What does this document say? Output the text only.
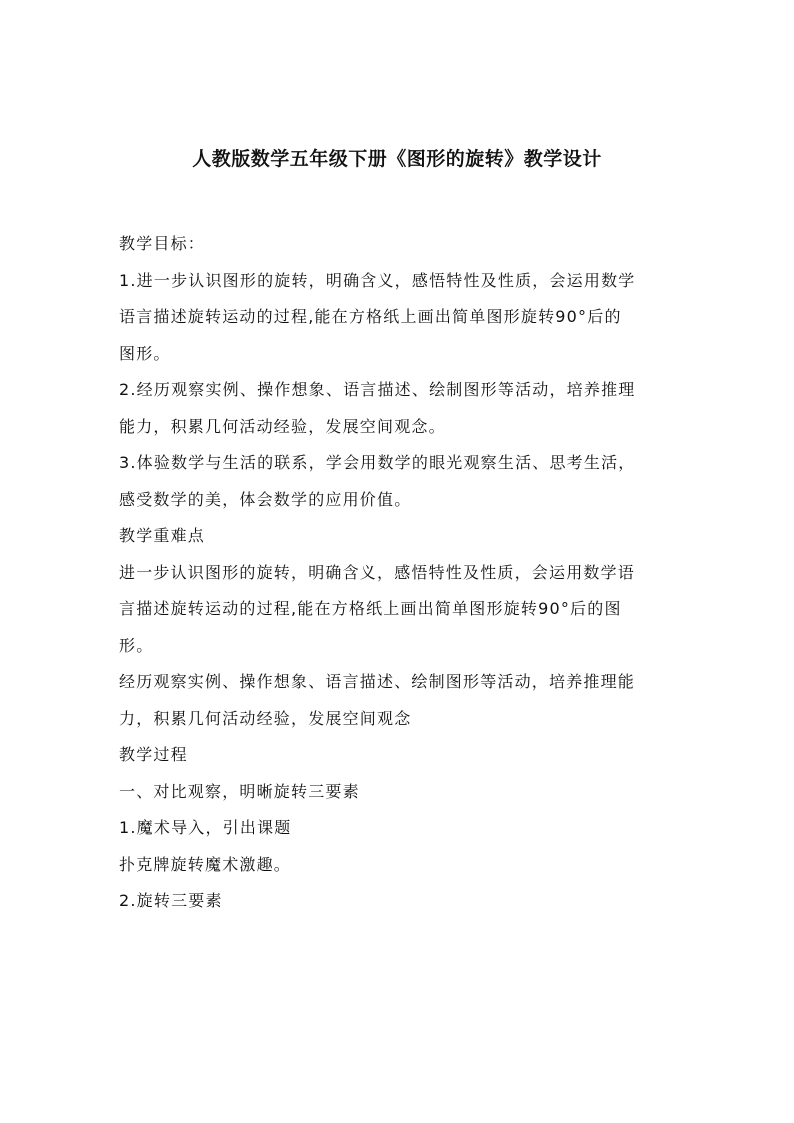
人教版数学五年级下册《图形的旋转》教学设计

教学目标：

1.进一步认识图形的旋转，明确含义，感悟特性及性质，会运用数学

语言描述旋转运动的过程,能在方格纸上画出简单图形旋转90°后的

图形。

2.经历观察实例、操作想象、语言描述、绘制图形等活动，培养推理

能力，积累几何活动经验，发展空间观念。

3.体验数学与生活的联系，学会用数学的眼光观察生活、思考生活，

感受数学的美，体会数学的应用价值。

教学重难点

进一步认识图形的旋转，明确含义，感悟特性及性质，会运用数学语

言描述旋转运动的过程,能在方格纸上画出简单图形旋转90°后的图

形。

经历观察实例、操作想象、语言描述、绘制图形等活动，培养推理能

力，积累几何活动经验，发展空间观念

教学过程

一、对比观察，明晰旋转三要素

1.魔术导入，引出课题

扑克牌旋转魔术激趣。

2.旋转三要素
